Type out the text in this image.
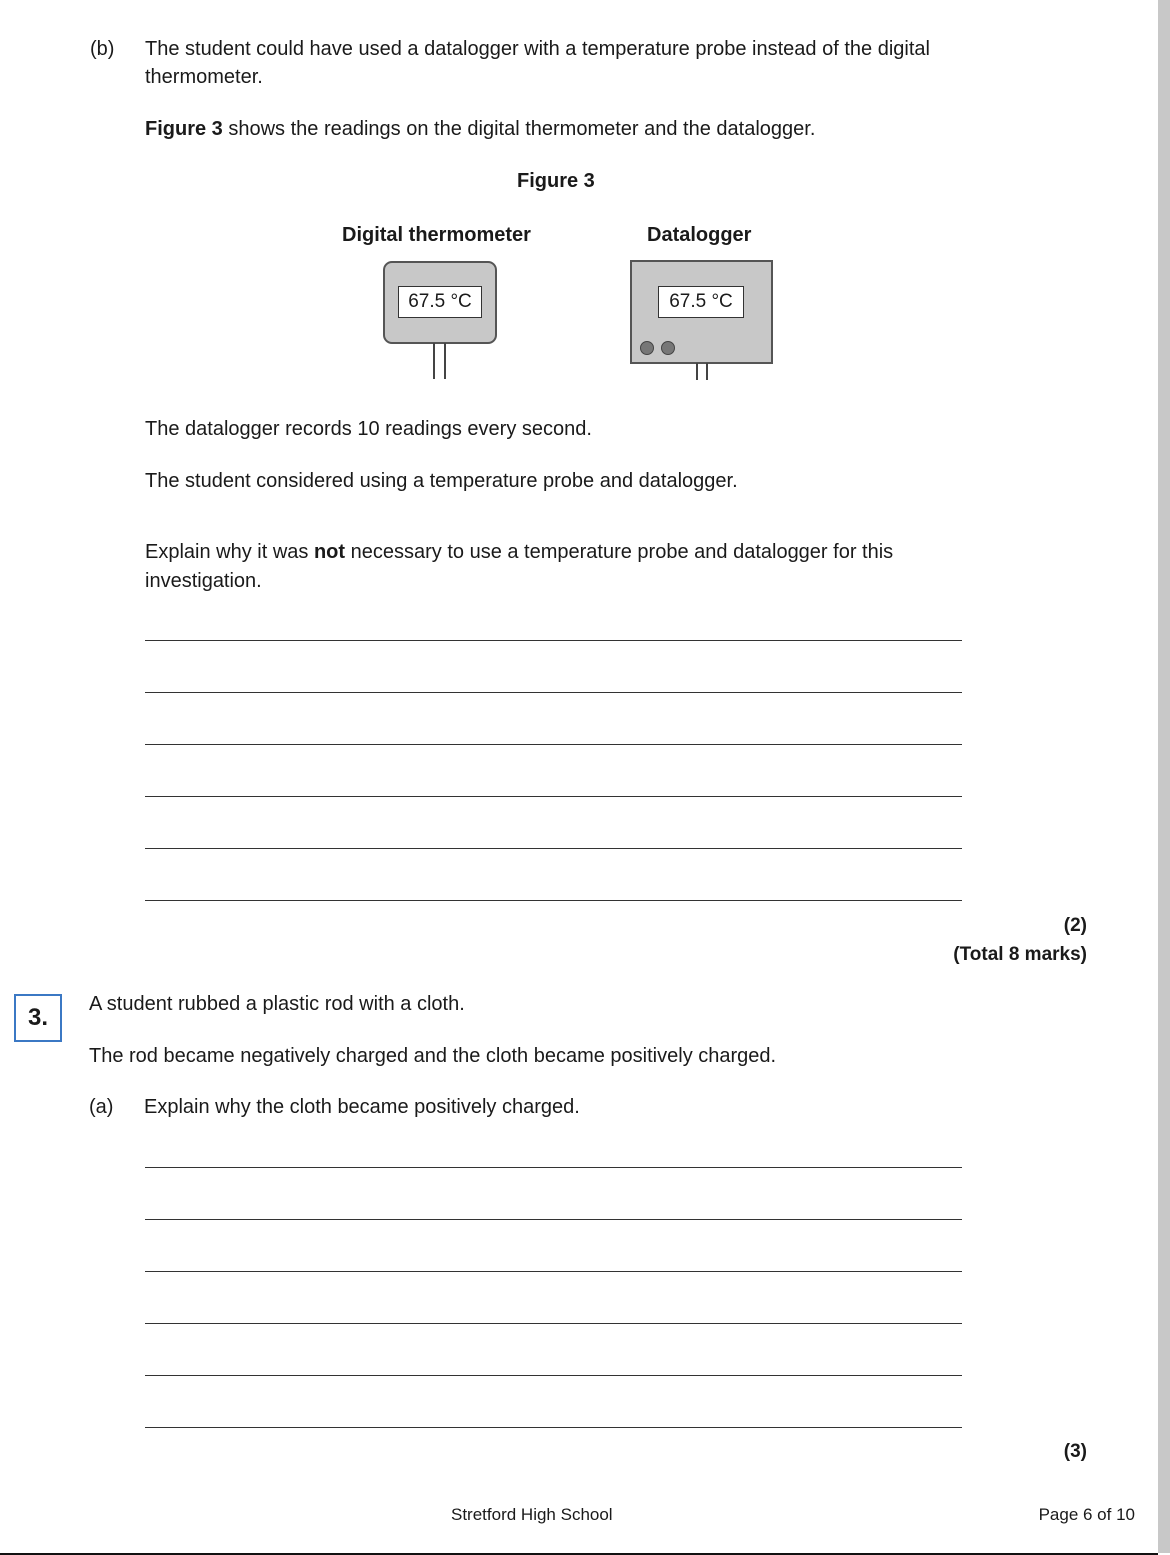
(b) The student could have used a datalogger with a temperature probe instead of the digital
thermometer.
Figure 3 shows the readings on the digital thermometer and the datalogger.
Figure 3
Digital thermometer	Datalogger
67.5 °C	67.5 °C
The datalogger records 10 readings every second.
The student considered using a temperature probe and datalogger.
Explain why it was not necessary to use a temperature probe and datalogger for this
investigation.
(2)
(Total 8 marks)
3.	A student rubbed a plastic rod with a cloth.
The rod became negatively charged and the cloth became positively charged.
(a) Explain why the cloth became positively charged.
(3)
Stretford High School	Page 6 of 10
